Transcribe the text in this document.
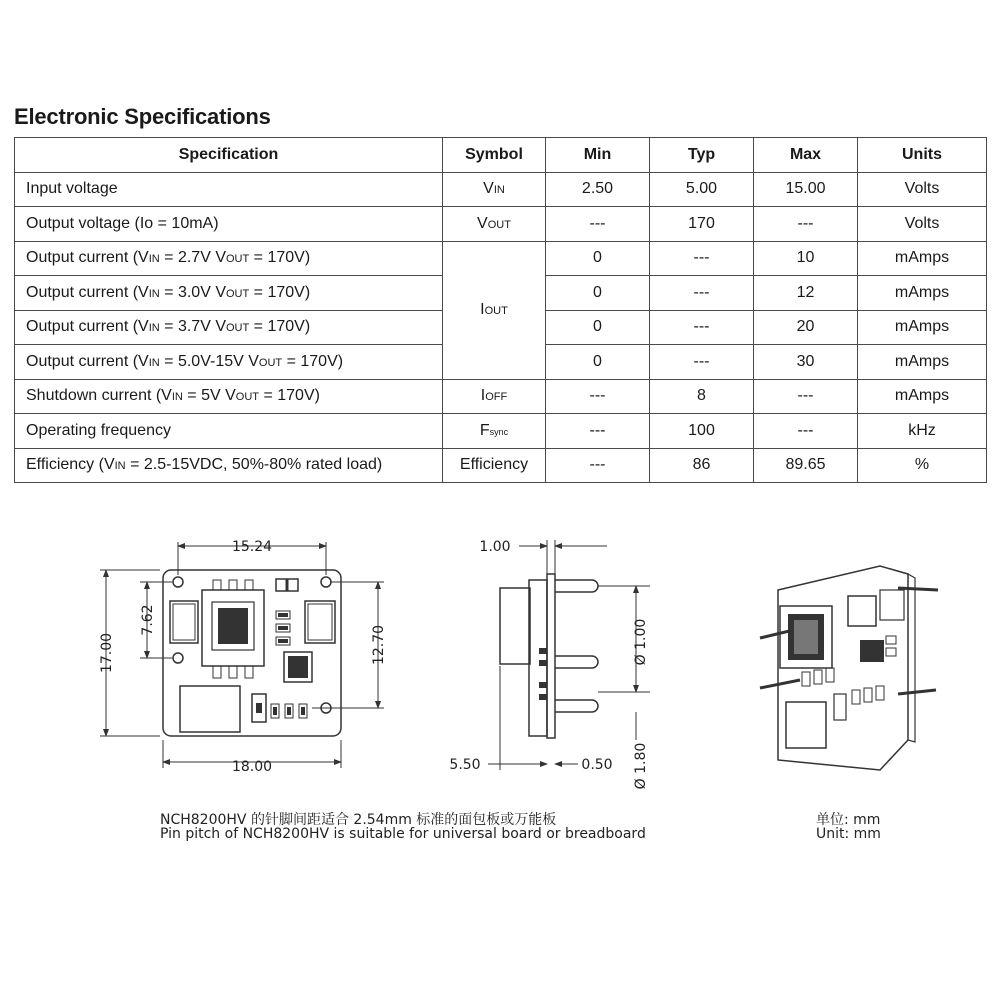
Electronic Specifications
Specification	Symbol	Min	Typ	Max	Units
Input voltage	VIN	2.50	5.00	15.00	Volts
Output voltage (Io = 10mA)	VOUT	---	170	---	Volts
Output current (VIN = 2.7V VOUT = 170V)	IOUT	0	---	10	mAmps
Output current (VIN = 3.0V VOUT = 170V)		0	---	12	mAmps
Output current (VIN = 3.7V VOUT = 170V)		0	---	20	mAmps
Output current (VIN = 5.0V-15V VOUT = 170V)		0	---	30	mAmps
Shutdown current (VIN = 5V VOUT = 170V)	IOFF	---	8	---	mAmps
Operating frequency	Fsync	---	100	---	kHz
Efficiency (VIN = 2.5-15VDC, 50%-80% rated load)	Efficiency	---	86	89.65	%
15.24
18.00
17.00
7.62
12.70
1.00
Ø 1.00
5.50	0.50 Ø 1.80
NCH8200HV 的针脚间距适合 2.54mm 标准的面包板或万能板
Pin pitch of NCH8200HV is suitable for universal board or breadboard
单位: mm
Unit: mm
